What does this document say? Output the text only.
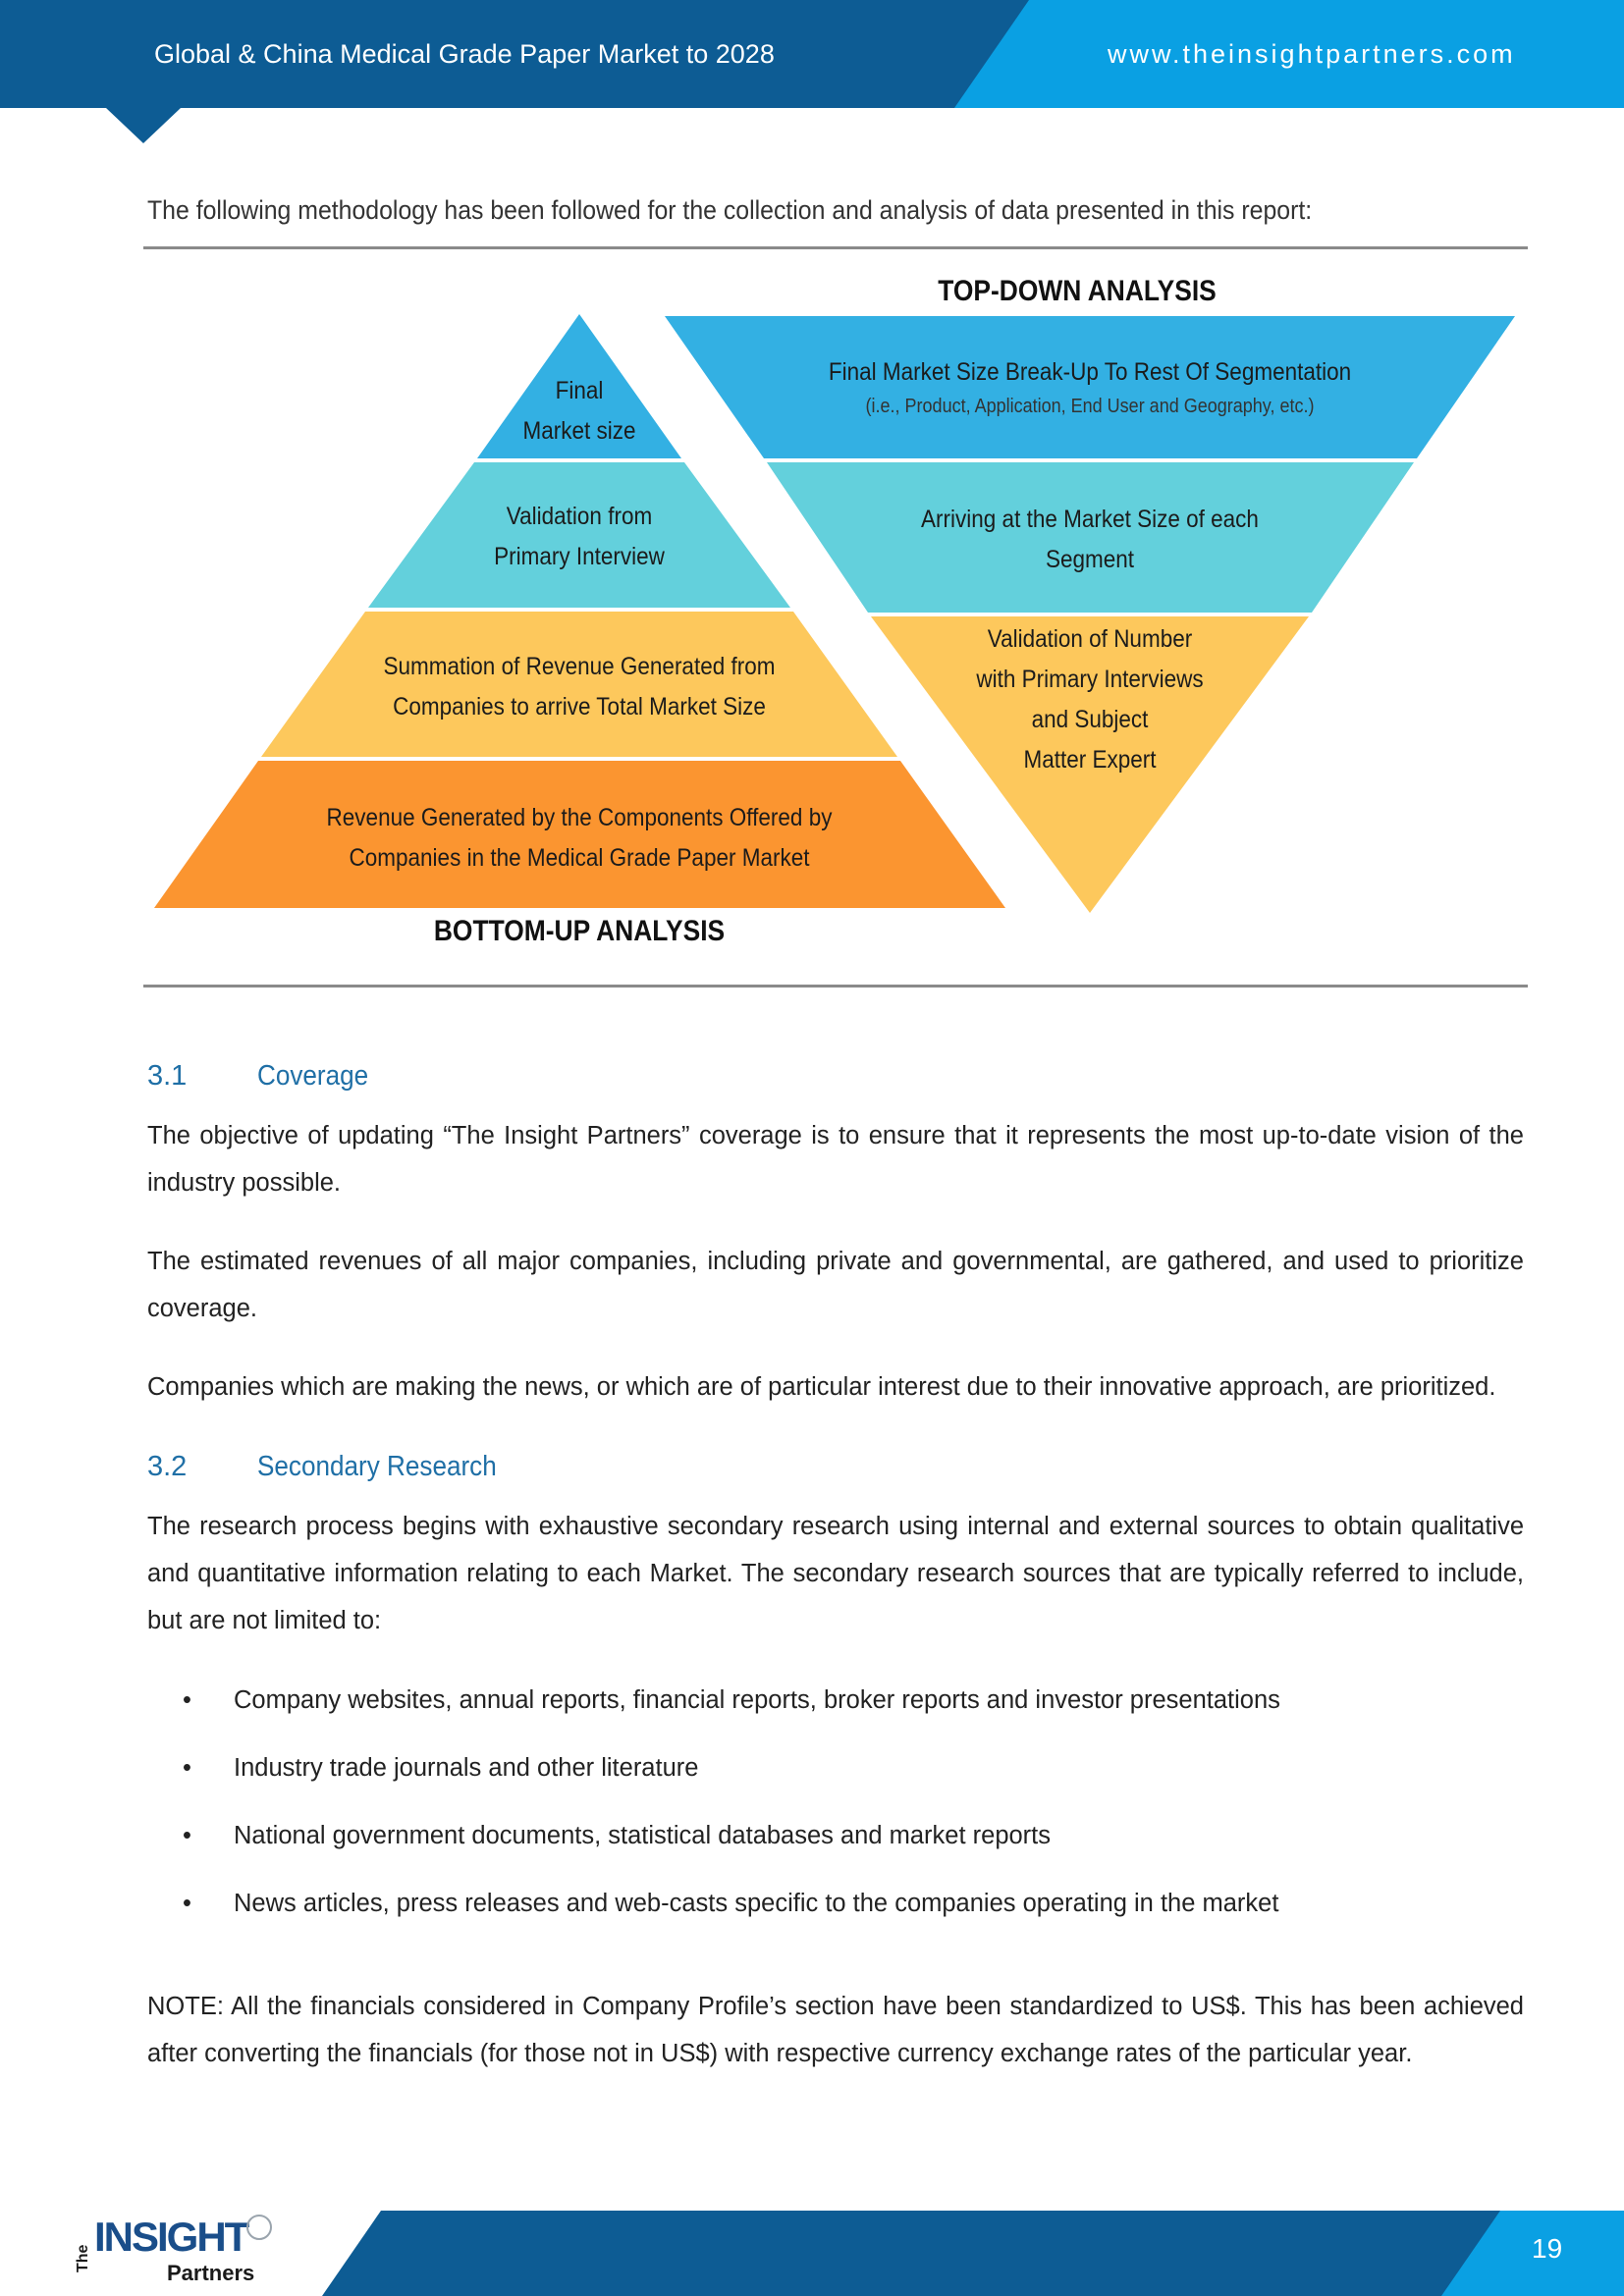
Global & China Medical Grade Paper Market to 2028	www.theinsightpartners.com
The following methodology has been followed for the collection and analysis of data presented in this report:
TOP-DOWN ANALYSIS
BOTTOM-UP ANALYSIS
Final
Market size
Validation from
Primary Interview
Summation of Revenue Generated from
Companies to arrive Total Market Size
Revenue Generated by the Components Offered by
Companies in the Medical Grade Paper Market
Final Market Size Break-Up To Rest Of Segmentation
(i.e., Product, Application, End User and Geography, etc.)
Arriving at the Market Size of each
Segment
Validation of Number
with Primary Interviews
and Subject
Matter Expert
3.1 Coverage
The objective of updating “The Insight Partners” coverage is to ensure that it represents the most up-to-date vision of the industry possible.
The estimated revenues of all major companies, including private and governmental, are gathered, and used to prioritize coverage.
Companies which are making the news, or which are of particular interest due to their innovative approach, are prioritized.
3.2 Secondary Research
The research process begins with exhaustive secondary research using internal and external sources to obtain qualitative and quantitative information relating to each Market. The secondary research sources that are typically referred to include, but are not limited to:
• Company websites, annual reports, financial reports, broker reports and investor presentations
• Industry trade journals and other literature
• National government documents, statistical databases and market reports
• News articles, press releases and web-casts specific to the companies operating in the market
NOTE: All the financials considered in Company Profile’s section have been standardized to US$. This has been achieved after converting the financials (for those not in US$) with respective currency exchange rates of the particular year.
The INSIGHT
Partners
19
